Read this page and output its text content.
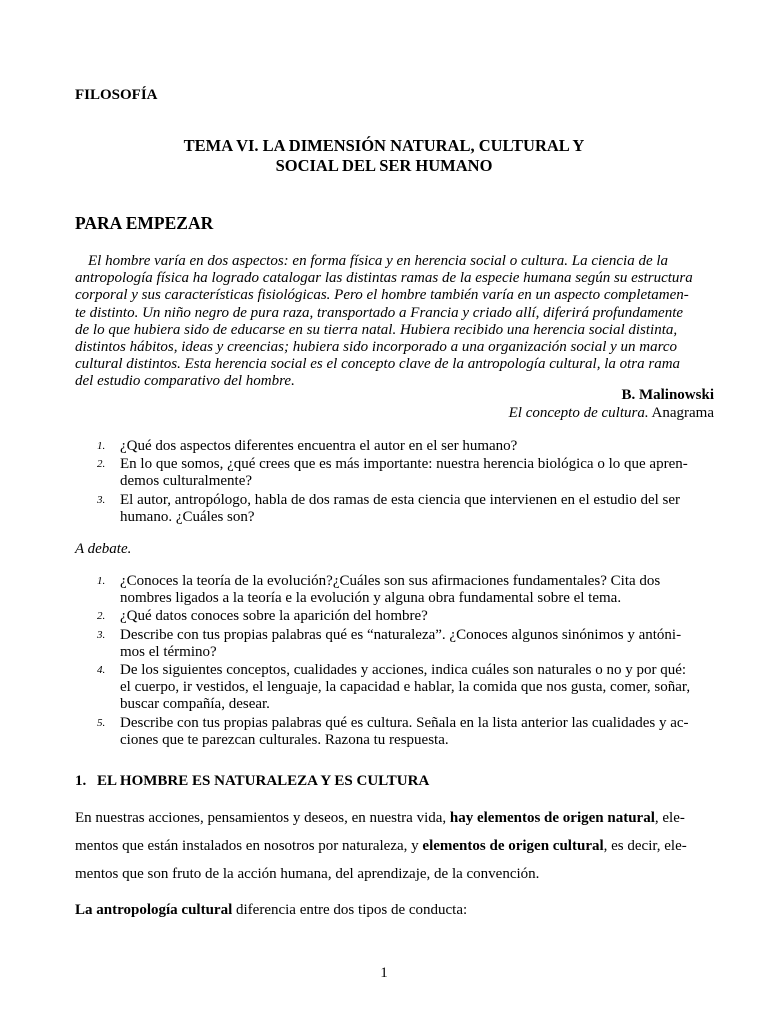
FILOSOFÍA
TEMA VI. LA DIMENSIÓN NATURAL, CULTURAL Y
SOCIAL DEL SER HUMANO
PARA EMPEZAR
El hombre varía en dos aspectos: en forma física y en herencia social o cultura. La ciencia de la
antropología física ha logrado catalogar las distintas ramas de la especie humana según su estructura
corporal y sus características fisiológicas. Pero el hombre también varía en un aspecto completamen-
te distinto. Un niño negro de pura raza, transportado a Francia y criado allí, diferirá profundamente
de lo que hubiera sido de educarse en su tierra natal. Hubiera recibido una herencia social distinta,
distintos hábitos, ideas y creencias; hubiera sido incorporado a una organización social y un marco
cultural distintos. Esta herencia social es el concepto clave de la antropología cultural, la otra rama
del estudio comparativo del hombre.
B. Malinowski
El concepto de cultura. Anagrama
1. ¿Qué dos aspectos diferentes encuentra el autor en el ser humano?
2. En lo que somos, ¿qué crees que es más importante: nuestra herencia biológica o lo que apren-
demos culturalmente?
3. El autor, antropólogo, habla de dos ramas de esta ciencia que intervienen en el estudio del ser
humano. ¿Cuáles son?
A debate.
1. ¿Conoces la teoría de la evolución?¿Cuáles son sus afirmaciones fundamentales? Cita dos
nombres ligados a la teoría e la evolución y alguna obra fundamental sobre el tema.
2. ¿Qué datos conoces sobre la aparición del hombre?
3. Describe con tus propias palabras qué es “naturaleza”. ¿Conoces algunos sinónimos y antóni-
mos el término?
4. De los siguientes conceptos, cualidades y acciones, indica cuáles son naturales o no y por qué:
el cuerpo, ir vestidos, el lenguaje, la capacidad e hablar, la comida que nos gusta, comer, soñar,
buscar compañía, desear.
5. Describe con tus propias palabras qué es cultura. Señala en la lista anterior las cualidades y ac-
ciones que te parezcan culturales. Razona tu respuesta.
1. EL HOMBRE ES NATURALEZA Y ES CULTURA
En nuestras acciones, pensamientos y deseos, en nuestra vida, hay elementos de origen natural, ele-
mentos que están instalados en nosotros por naturaleza, y elementos de origen cultural, es decir, ele-
mentos que son fruto de la acción humana, del aprendizaje, de la convención.
La antropología cultural diferencia entre dos tipos de conducta:
1
